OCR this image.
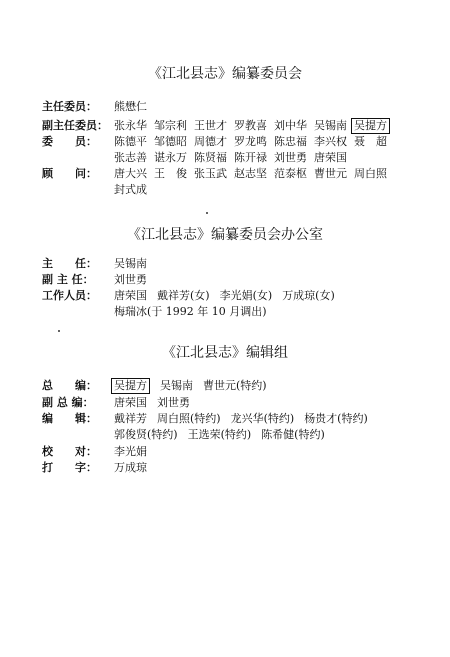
《江北县志》编纂委员会
主任委员：	熊懋仁
副主任委员： 张永华 邹宗利 王世才 罗教喜 刘中华 吴锡南 吴提方
委　　员：	陈德平 邹德昭 周德才 罗龙鸣 陈忠福 李兴权 聂　超
张志善 谌永万 陈贤福 陈开禄 刘世勇 唐荣国
顾　　问：	唐大兴 王　俊 张玉武 赵志坚 范泰枢 曹世元 周白照
封式成
《江北县志》编纂委员会办公室
主　　任：	吴锡南
副 主 任：	刘世勇
工作人员：	唐荣国 戴祥芳(女) 李光娟(女) 万成琼(女)
梅瑞冰(于 1992 年 10 月调出)
《江北县志》编辑组
总　　编：	吴提方 吴锡南 曹世元(特约)
副 总 编：	唐荣国 刘世勇
编　　辑：	戴祥芳 周白照(特约) 龙兴华(特约) 杨贵才(特约)
郭俊贤(特约) 王选荣(特约) 陈希健(特约)
校　　对：	李光娟
打　　字：	万成琼
